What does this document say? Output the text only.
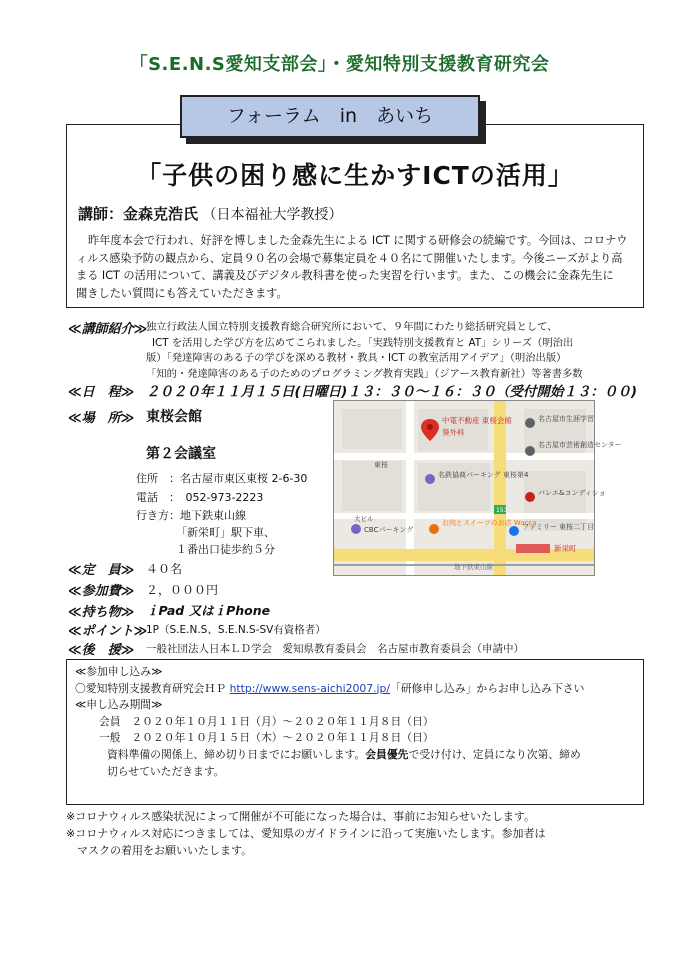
「S.E.N.S愛知支部会」・愛知特別支援教育研究会
フォーラム　in　あいち
「子供の困り感に生かすICTの活用」
講師：金森克浩氏 （日本福祉大学教授）
昨年度本会で行われ、好評を博しました金森先生による ICT に関する研修会の続編です。今回は、コロナウ
ィルス感染予防の観点から、定員９０名の会場で募集定員を４０名にて開催いたします。今後ニーズがより高
まる ICT の活用について、講義及びデジタル教科書を使った実習を行います。また、この機会に金森先生に
聞きしたい質問にも答えていただきます。
≪講師紹介≫
独立行政法人国立特別支援教育総合研究所において、９年間にわたり総括研究員として、
ICT を活用した学び方を広めてこられました。「実践特別支援教育と AT」シリーズ（明治出
版）「発達障害のある子の学びを深める教材・教具・ICT の教室活用アイデア」（明治出版）
「知的・発達障害のある子のためのプログラミング教育実践」（ジアース教育新社）等著書多数
≪日　程≫ ２０２０年１１月１５日(日曜日)１３：３０～１６：３０（受付開始１３：００)
≪場　所≫ 東桜会館
第２会議室
住所　：名古屋市東区東桜 2-6-30
電話　：　052-973-2223
行き方：地下鉄東山線
「新栄町」駅下車、
１番出口徒歩約５分
中電不動産 東桜会館
葵外科
名古屋市生涯学習
名古屋市芸術創造センター
名鉄協商パーキング 東桜第4
CBCパーキング
お肉とスイーツのお店 Wacca
バレエ&コンディショ
ファミリー 東桜二丁目
新栄町
地下鉄東山線
東桜
大ビル
153
≪定　員≫ ４０名
≪参加費≫ ２，０００円
≪持ち物≫ ｉPad 又はｉPhone
≪ポイント≫
1P（S.E.N.S、S.E.N.S-SV有資格者）
≪後　援≫ 一般社団法人日本ＬＤ学会　愛知県教育委員会　名古屋市教育委員会（申請中）
≪参加申し込み≫
〇愛知特別支援教育研究会ＨＰ http://www.sens-aichi2007.jp/「研修申し込み」からお申し込み下さい
≪申し込み期間≫
会員　２０２０年１０月１１日（月）～２０２０年１１月８日（日）
一般　２０２０年１０月１５日（木）～２０２０年１１月８日（日）
資料準備の関係上、締め切り日までにお願いします。会員優先で受け付け、定員になり次第、締め
切らせていただきます。
※コロナウィルス感染状況によって開催が不可能になった場合は、事前にお知らせいたします。
※コロナウィルス対応につきましては、愛知県のガイドラインに沿って実施いたします。参加者は
　マスクの着用をお願いいたします。
